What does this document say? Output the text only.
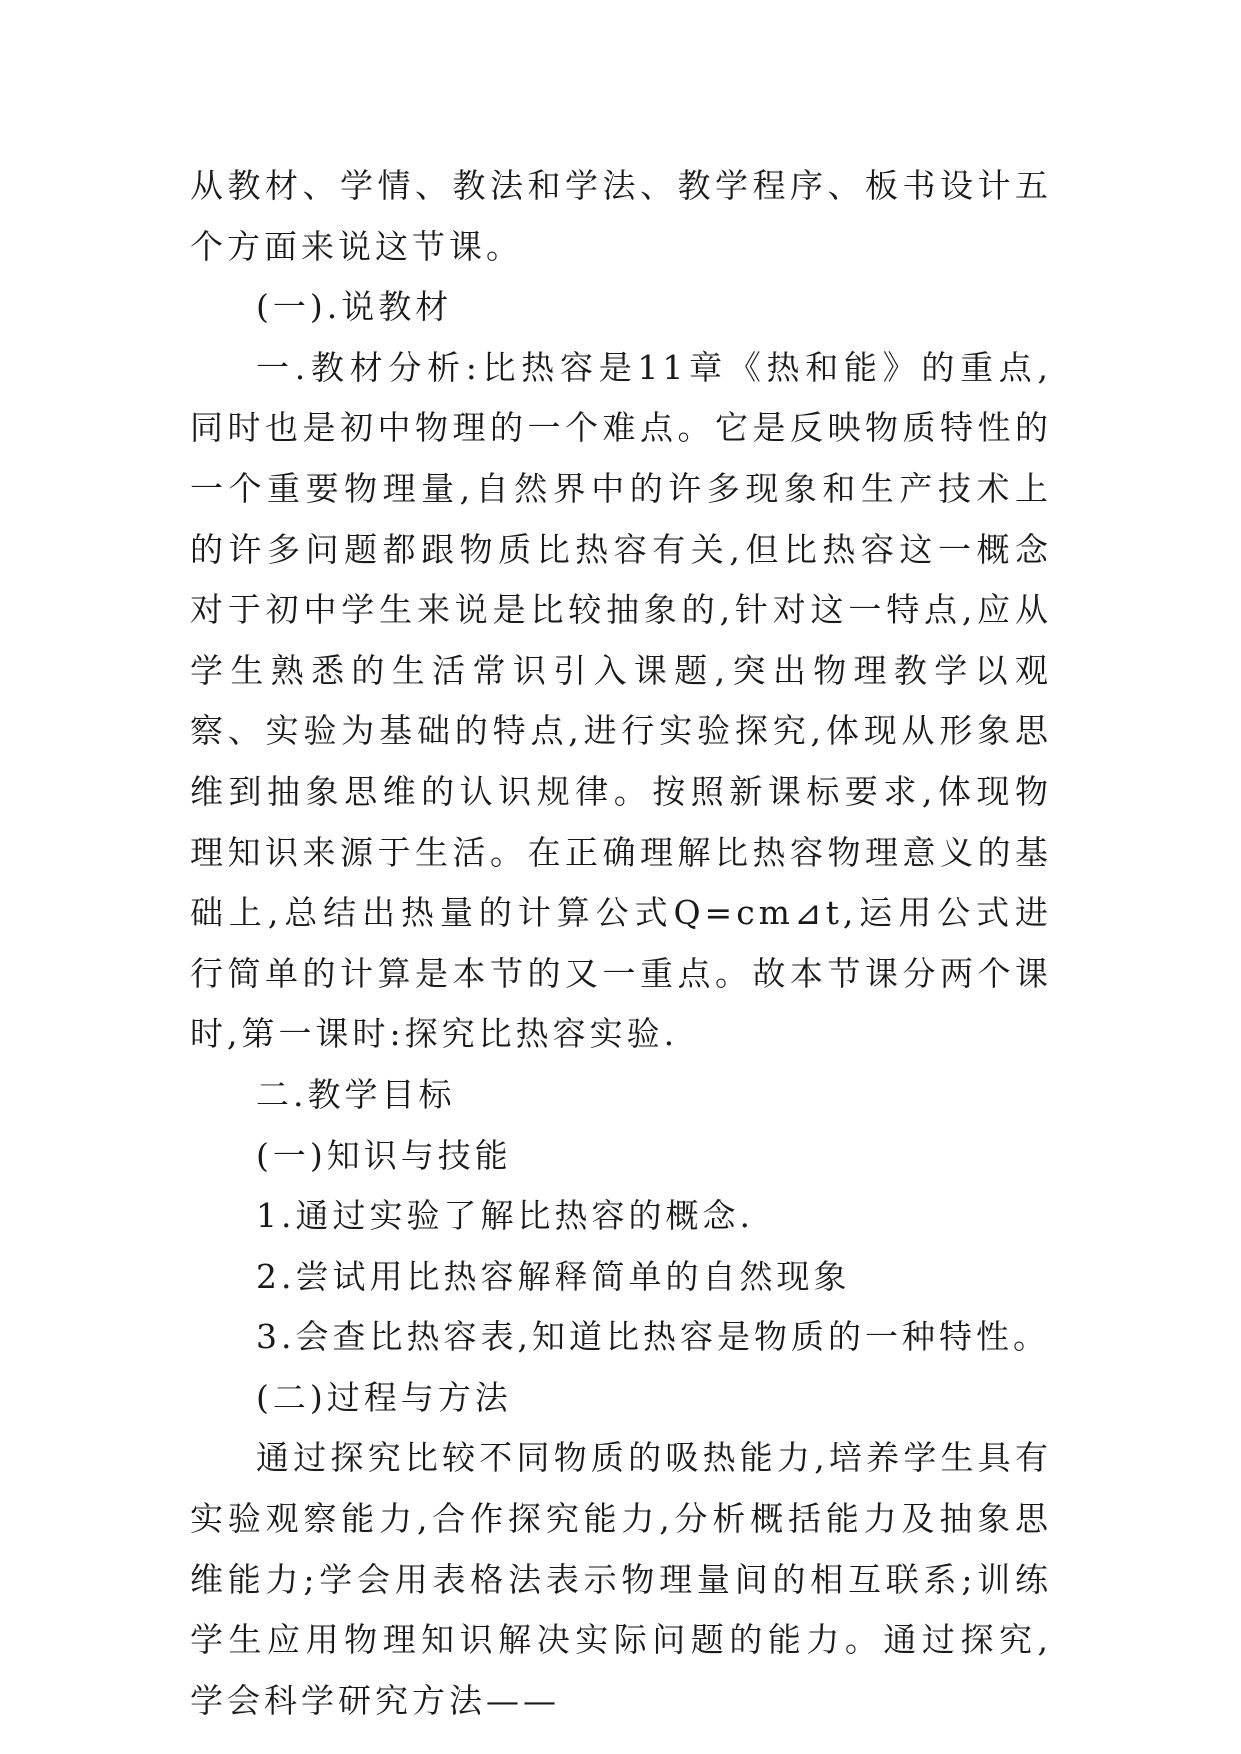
从教材、学情、教法和学法、教学程序、板书设计五个方面来说这节课。

(一).说教材

一.教材分析:比热容是11章《热和能》的重点,同时也是初中物理的一个难点。它是反映物质特性的一个重要物理量,自然界中的许多现象和生产技术上的许多问题都跟物质比热容有关,但比热容这一概念对于初中学生来说是比较抽象的,针对这一特点,应从学生熟悉的生活常识引入课题,突出物理教学以观察、实验为基础的特点,进行实验探究,体现从形象思维到抽象思维的认识规律。按照新课标要求,体现物理知识来源于生活。在正确理解比热容物理意义的基础上,总结出热量的计算公式Q=cm⊿t,运用公式进行简单的计算是本节的又一重点。故本节课分两个课时,第一课时:探究比热容实验.

二.教学目标

(一)知识与技能

1.通过实验了解比热容的概念.

2.尝试用比热容解释简单的自然现象

3.会查比热容表,知道比热容是物质的一种特性。

(二)过程与方法

通过探究比较不同物质的吸热能力,培养学生具有实验观察能力,合作探究能力,分析概括能力及抽象思维能力;学会用表格法表示物理量间的相互联系;训练学生应用物理知识解决实际问题的能力。通过探究,学会科学研究方法——
